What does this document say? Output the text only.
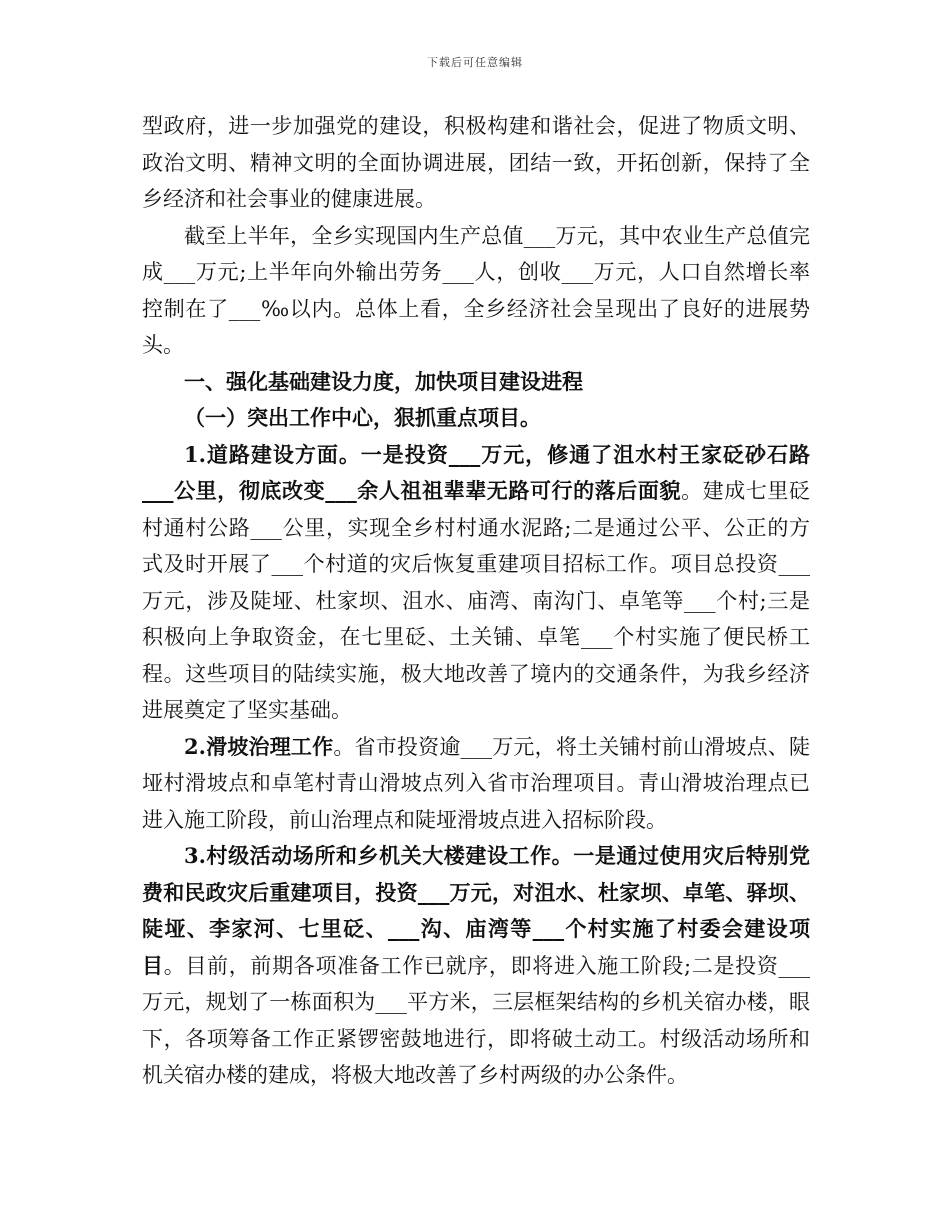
下载后可任意编辑

型政府，进一步加强党的建设，积极构建和谐社会，促进了物质文明、政治文明、精神文明的全面协调进展，团结一致，开拓创新，保持了全乡经济和社会事业的健康进展。

截至上半年，全乡实现国内生产总值___万元，其中农业生产总值完成___万元;上半年向外输出劳务___人，创收___万元，人口自然增长率控制在了___‰以内。总体上看，全乡经济社会呈现出了良好的进展势头。

一、强化基础建设力度，加快项目建设进程

（一）突出工作中心，狠抓重点项目。

1.道路建设方面。一是投资___万元，修通了沮水村王家砭砂石路___公里，彻底改变___余人祖祖辈辈无路可行的落后面貌。建成七里砭村通村公路___公里，实现全乡村村通水泥路;二是通过公平、公正的方式及时开展了___个村道的灾后恢复重建项目招标工作。项目总投资___万元，涉及陡垭、杜家坝、沮水、庙湾、南沟门、卓笔等___个村;三是积极向上争取资金，在七里砭、土关铺、卓笔___个村实施了便民桥工程。这些项目的陆续实施，极大地改善了境内的交通条件，为我乡经济进展奠定了坚实基础。

2.滑坡治理工作。省市投资逾___万元，将土关铺村前山滑坡点、陡垭村滑坡点和卓笔村青山滑坡点列入省市治理项目。青山滑坡治理点已进入施工阶段，前山治理点和陡垭滑坡点进入招标阶段。

3.村级活动场所和乡机关大楼建设工作。一是通过使用灾后特别党费和民政灾后重建项目，投资___万元，对沮水、杜家坝、卓笔、驿坝、陡垭、李家河、七里砭、___沟、庙湾等___个村实施了村委会建设项目。目前，前期各项准备工作已就序，即将进入施工阶段;二是投资___万元，规划了一栋面积为___平方米，三层框架结构的乡机关宿办楼，眼下，各项筹备工作正紧锣密鼓地进行，即将破土动工。村级活动场所和机关宿办楼的建成，将极大地改善了乡村两级的办公条件。
